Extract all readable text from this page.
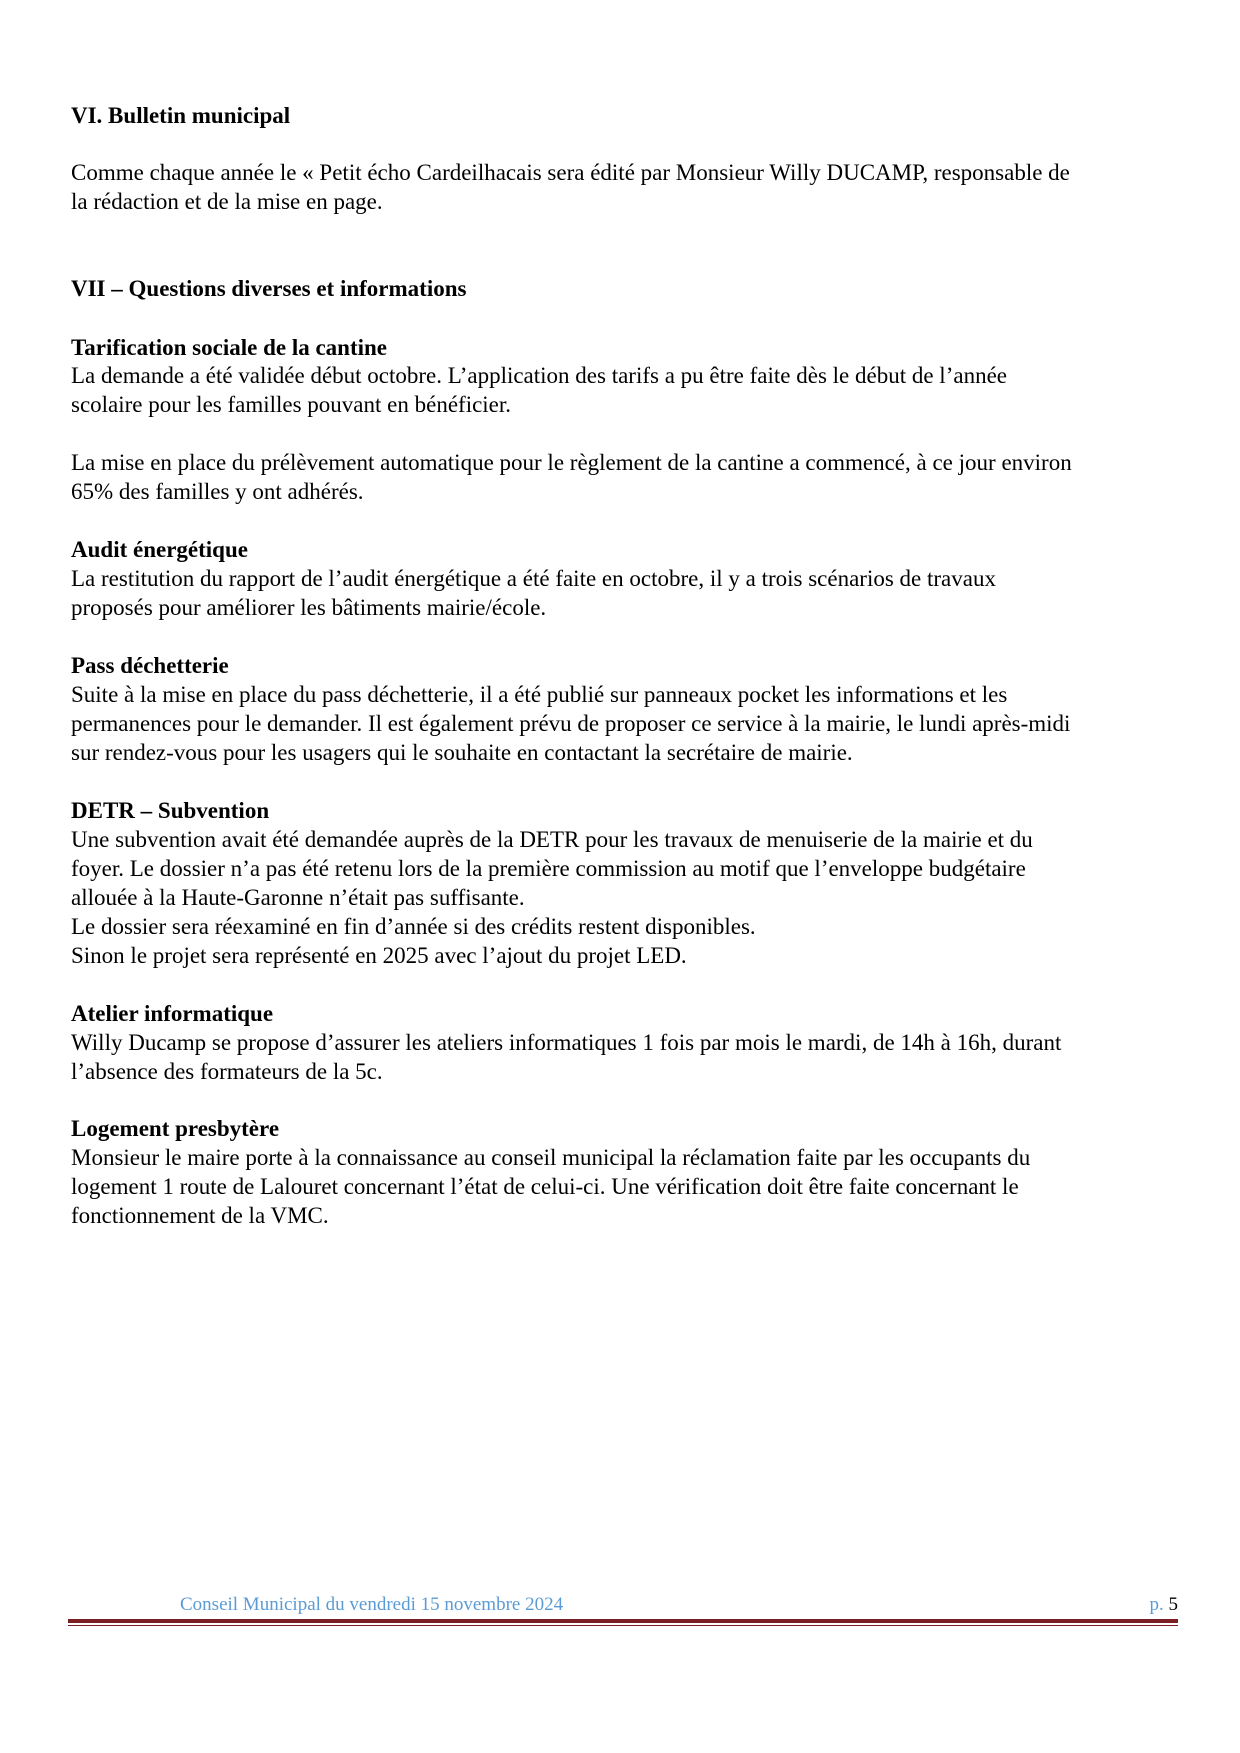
VI. Bulletin municipal
Comme chaque année le « Petit écho Cardeilhacais sera édité par Monsieur Willy DUCAMP, responsable de
la rédaction et de la mise en page.
VII – Questions diverses et informations
Tarification sociale de la cantine
La demande a été validée début octobre. L’application des tarifs a pu être faite dès le début de l’année
scolaire pour les familles pouvant en bénéficier.
La mise en place du prélèvement automatique pour le règlement de la cantine a commencé, à ce jour environ
65% des familles y ont adhérés.
Audit énergétique
La restitution du rapport de l’audit énergétique a été faite en octobre, il y a trois scénarios de travaux
proposés pour améliorer les bâtiments mairie/école.
Pass déchetterie
Suite à la mise en place du pass déchetterie, il a été publié sur panneaux pocket les informations et les
permanences pour le demander. Il est également prévu de proposer ce service à la mairie, le lundi après-midi
sur rendez-vous pour les usagers qui le souhaite en contactant la secrétaire de mairie.
DETR – Subvention
Une subvention avait été demandée auprès de la DETR pour les travaux de menuiserie de la mairie et du
foyer. Le dossier n’a pas été retenu lors de la première commission au motif que l’enveloppe budgétaire
allouée à la Haute-Garonne n’était pas suffisante.
Le dossier sera réexaminé en fin d’année si des crédits restent disponibles.
Sinon le projet sera représenté en 2025 avec l’ajout du projet LED.
Atelier informatique
Willy Ducamp se propose d’assurer les ateliers informatiques 1 fois par mois le mardi, de 14h à 16h, durant
l’absence des formateurs de la 5c.
Logement presbytère
Monsieur le maire porte à la connaissance au conseil municipal la réclamation faite par les occupants du
logement 1 route de Lalouret concernant l’état de celui-ci. Une vérification doit être faite concernant le
fonctionnement de la VMC.
Conseil Municipal du vendredi 15 novembre 2024	p. 5
